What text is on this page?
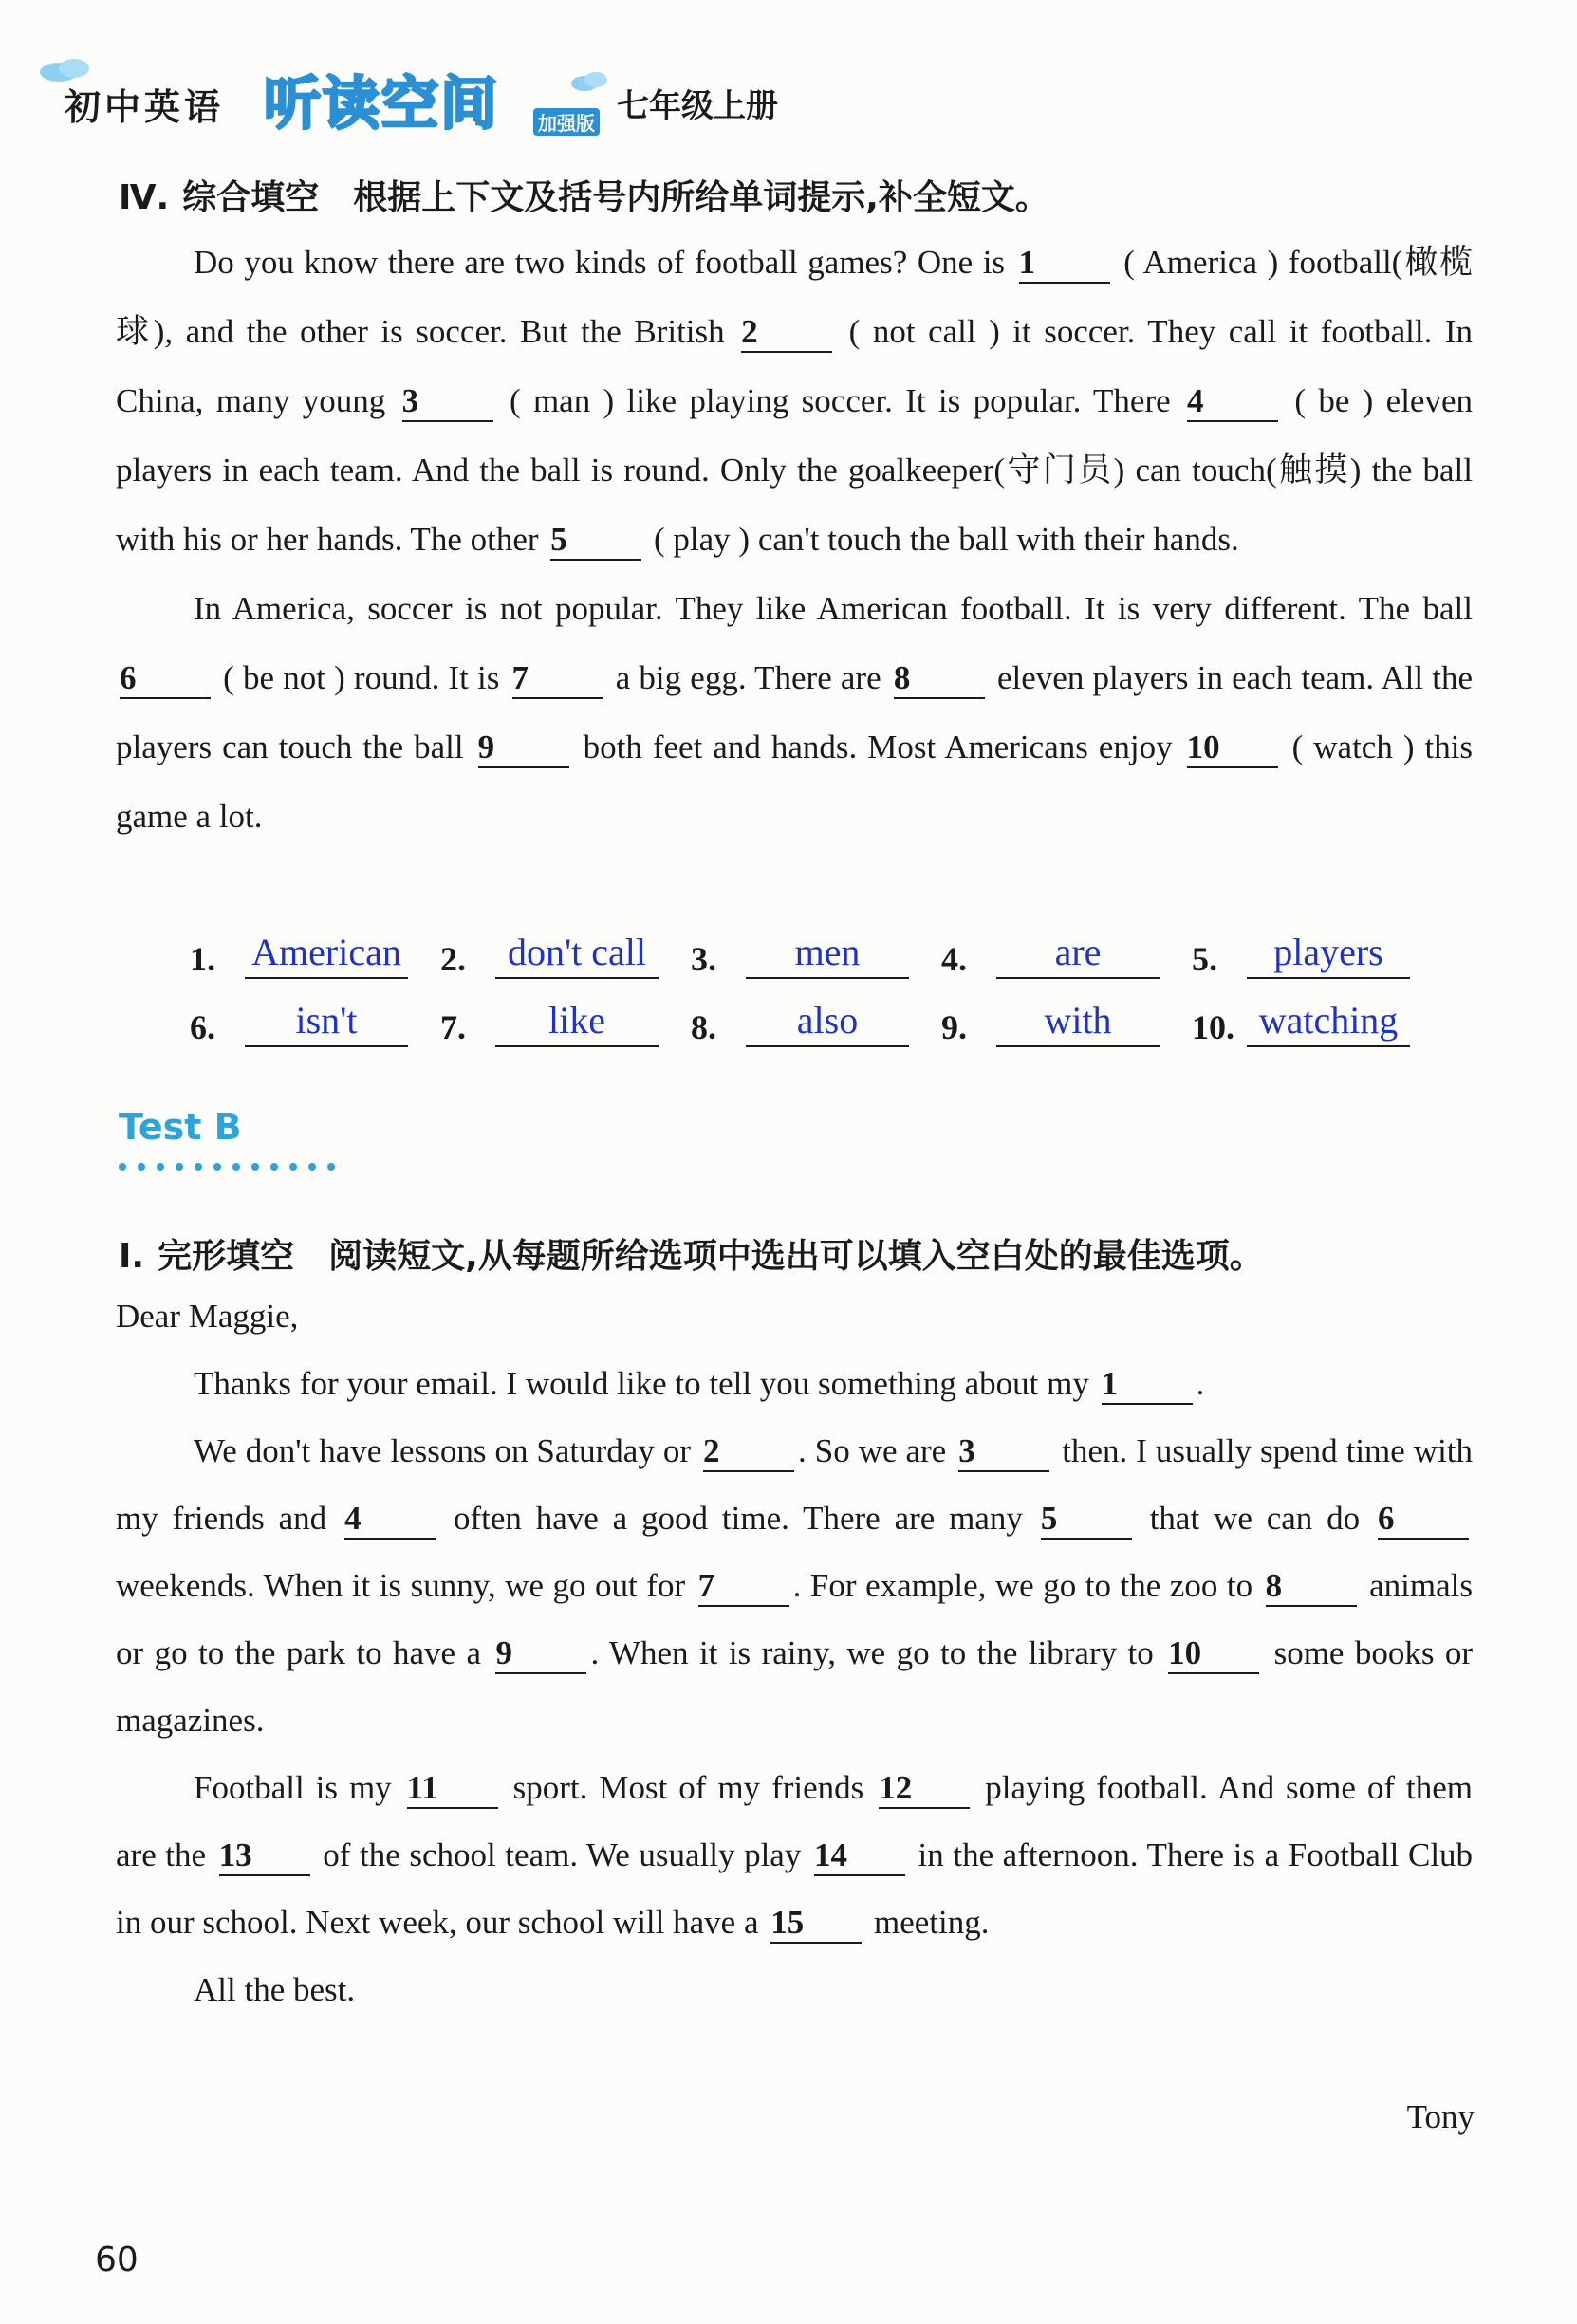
初中英语 听读空间 加强版 七年级上册
Ⅳ. 综合填空 根据上下文及括号内所给单词提示,补全短文。

Do you know there are two kinds of football games? One is 1	( America ) football(橄榄球), and the other is soccer. But the British 2	( not call ) it soccer. They call it football. In China, many young 3	( man ) like playing soccer. It is popular. There 4	( be ) eleven players in each team. And the ball is round. Only the goalkeeper(守门员) can touch(触摸) the ball with his or her hands. The other 5	( play ) can't touch the ball with their hands.

In America, soccer is not popular. They like American football. It is very different. The ball 6	( be not ) round. It is 7	a big egg. There are 8	eleven players in each team. All the players can touch the ball 9	both feet and hands. Most Americans enjoy 10 ( watch ) this game a lot.

1. American 2.	don't call	3.	men	4.	are	5.	players
6.	isn't	7.	like	8.	also	9.	with	10. watching
Test B
Ⅰ. 完形填空 阅读短文,从每题所给选项中选出可以填入空白处的最佳选项。

Dear Maggie,

Thanks for your email. I would like to tell you something about my 1 .

We don't have lessons on Saturday or 2 . So we are 3	then. I usually spend time with my friends and 4	often have a good time. There are many 5	that we can do 6 weekends. When it is sunny, we go out for 7 . For example, we go to the zoo to 8	animals or go to the park to have a 9 . When it is rainy, we go to the library to 10 some books or magazines.

Football is my 11 sport. Most of my friends 12 playing football. And some of them are the 13 of the school team. We usually play 14 in the afternoon. There is a Football Club in our school. Next week, our school will have a 15 meeting.

All the best.

Tony
60
